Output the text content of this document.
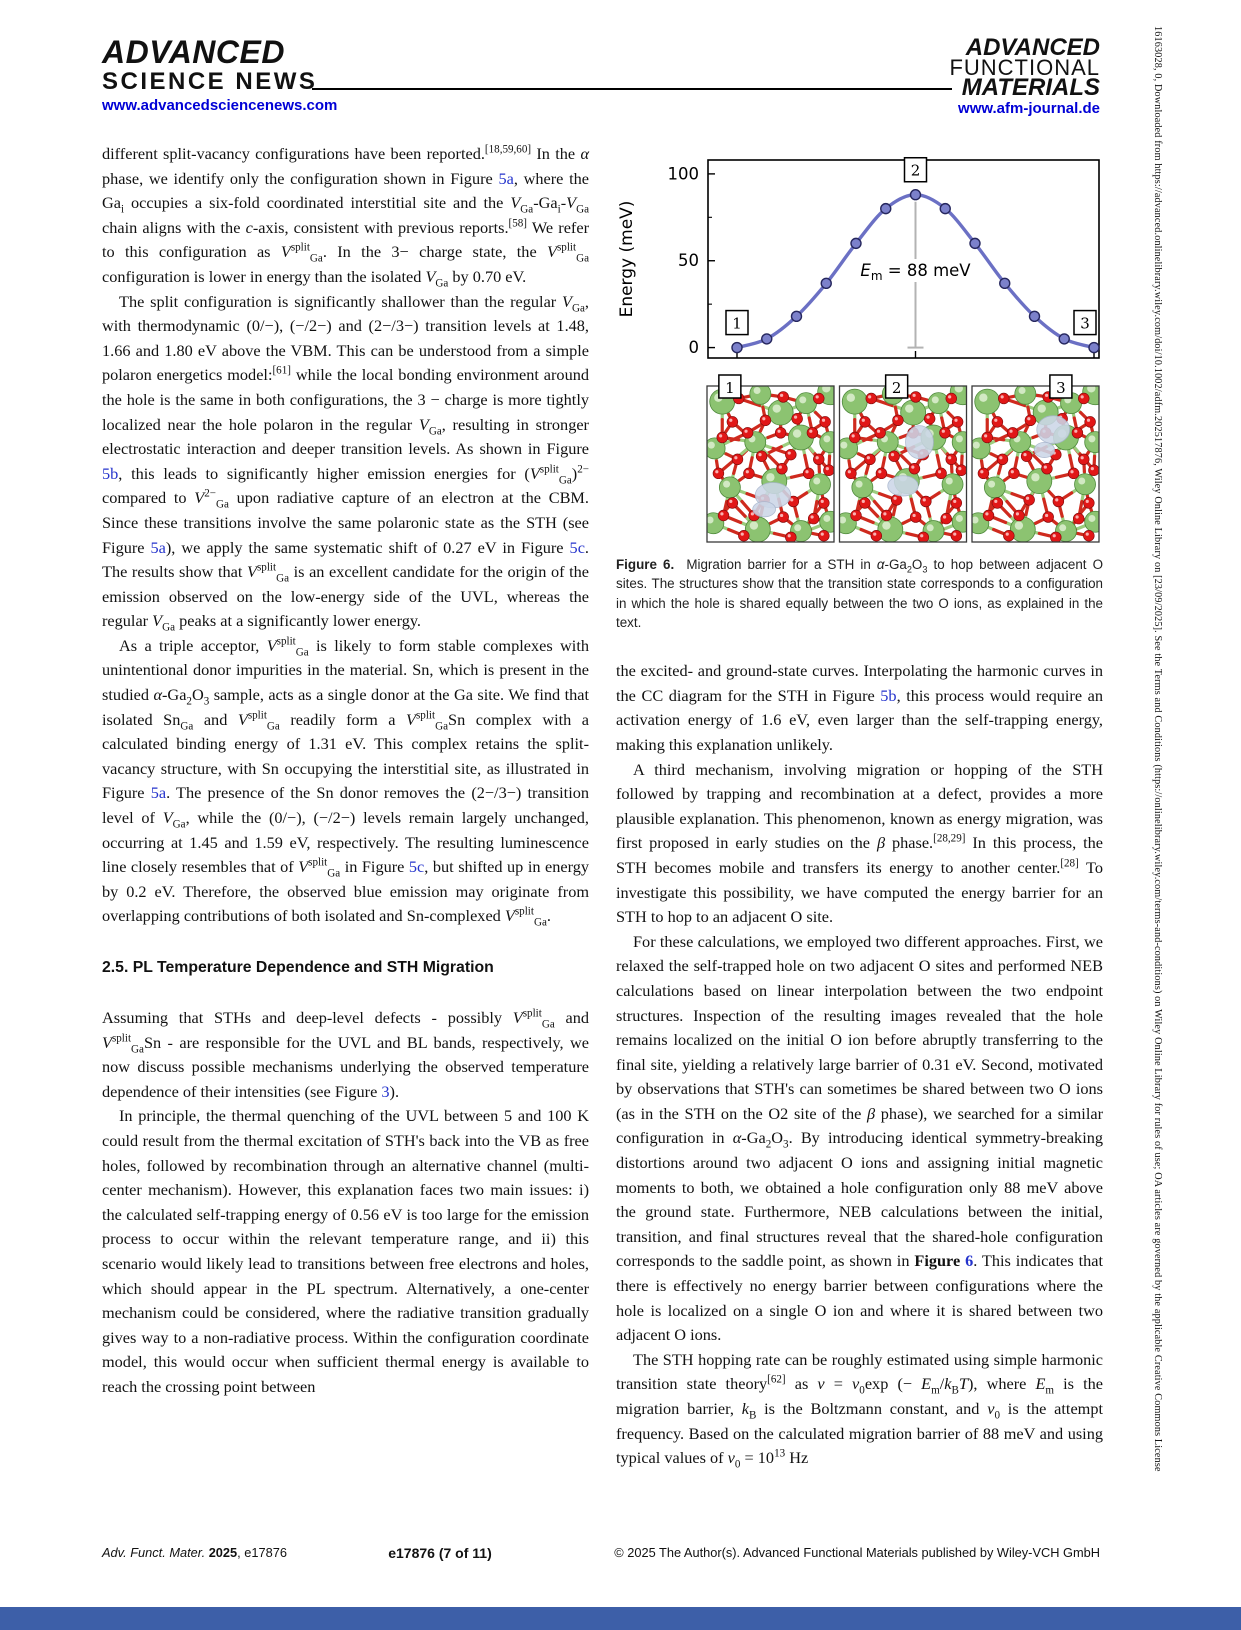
ADVANCED
SCIENCE NEWS
www.advancedsciencenews.com
ADVANCED
FUNCTIONAL
MATERIALS
www.afm-journal.de

different split-vacancy configurations have been reported.[18,59,60] In the α phase, we identify only the configuration shown in Figure 5a, where the $Ga_i$ occupies a six-fold coordinated interstitial site and the $V_{Ga}-Ga_i-V_{Ga}$ chain aligns with the c-axis, consistent with previous reports.[58] We refer to this configuration as $V^{split}_{Ga}$. In the 3− charge state, the $V^{split}_{Ga}$ configuration is lower in energy than the isolated $V_{Ga}$ by 0.70 eV.

The split configuration is significantly shallower than the regular $V_{Ga}$, with thermodynamic (0/−), (−/2−) and (2−/3−) transition levels at 1.48, 1.66 and 1.80 eV above the VBM. This can be understood from a simple polaron energetics model:[61] while the local bonding environment around the hole is the same in both configurations, the 3 − charge is more tightly localized near the hole polaron in the regular $V_{Ga}$, resulting in stronger electrostatic interaction and deeper transition levels. As shown in Figure 5b, this leads to significantly higher emission energies for $(V^{split}_{Ga})^{2-}$ compared to $V^{2-}_{Ga}$ upon radiative capture of an electron at the CBM. Since these transitions involve the same polaronic state as the STH (see Figure 5a), we apply the same systematic shift of 0.27 eV in Figure 5c. The results show that $V^{split}_{Ga}$ is an excellent candidate for the origin of the emission observed on the low-energy side of the UVL, whereas the regular $V_{Ga}$ peaks at a significantly lower energy.

As a triple acceptor, $V^{split}_{Ga}$ is likely to form stable complexes with unintentional donor impurities in the material. Sn, which is present in the studied $\alpha-Ga_2O_3$ sample, acts as a single donor at the Ga site. We find that isolated $Sn_{Ga}$ and $V^{split}_{Ga}$ readily form a $V^{split}_{Ga}Sn$ complex with a calculated binding energy of 1.31 eV. This complex retains the split-vacancy structure, with Sn occupying the interstitial site, as illustrated in Figure 5a. The presence of the Sn donor removes the (2−/3−) transition level of $V_{Ga}$, while the (0/−), (−/2−) levels remain largely unchanged, occurring at 1.45 and 1.59 eV, respectively. The resulting luminescence line closely resembles that of $V^{split}_{Ga}$ in Figure 5c, but shifted up in energy by 0.2 eV. Therefore, the observed blue emission may originate from overlapping contributions of both isolated and Sn-complexed $V^{split}_{Ga}$.

2.5. PL Temperature Dependence and STH Migration

Assuming that STHs and deep-level defects - possibly $V^{split}_{Ga}$ and $V^{split}_{Ga}Sn$ - are responsible for the UVL and BL bands, respectively, we now discuss possible mechanisms underlying the observed temperature dependence of their intensities (see Figure 3).

In principle, the thermal quenching of the UVL between 5 and 100 K could result from the thermal excitation of STH's back into the VB as free holes, followed by recombination through an alternative channel (multi-center mechanism). However, this explanation faces two main issues: i) the calculated self-trapping energy of 0.56 eV is too large for the emission process to occur within the relevant temperature range, and ii) this scenario would likely lead to transitions between free electrons and holes, which should appear in the PL spectrum. Alternatively, a one-center mechanism could be considered, where the radiative transition gradually gives way to a non-radiative process. Within the configuration coordinate model, this would occur when sufficient thermal energy is available to reach the crossing point between

Energy (meV)
0
50
100
$E_m = 88$ meV
1
2
3
1	2	3
Figure 6.  Migration barrier for a STH in $\alpha-Ga_2O_3$ to hop between adjacent O sites. The structures show that the transition state corresponds to a configuration in which the hole is shared equally between the two O ions, as explained in the text.

the excited- and ground-state curves. Interpolating the harmonic curves in the CC diagram for the STH in Figure 5b, this process would require an activation energy of 1.6 eV, even larger than the self-trapping energy, making this explanation unlikely.

A third mechanism, involving migration or hopping of the STH followed by trapping and recombination at a defect, provides a more plausible explanation. This phenomenon, known as energy migration, was first proposed in early studies on the β phase.[28,29] In this process, the STH becomes mobile and transfers its energy to another center.[28] To investigate this possibility, we have computed the energy barrier for an STH to hop to an adjacent O site.

For these calculations, we employed two different approaches. First, we relaxed the self-trapped hole on two adjacent O sites and performed NEB calculations based on linear interpolation between the two endpoint structures. Inspection of the resulting images revealed that the hole remains localized on the initial O ion before abruptly transferring to the final site, yielding a relatively large barrier of 0.31 eV. Second, motivated by observations that STH's can sometimes be shared between two O ions (as in the STH on the O2 site of the β phase), we searched for a similar configuration in $\alpha-Ga_2O_3$. By introducing identical symmetry-breaking distortions around two adjacent O ions and assigning initial magnetic moments to both, we obtained a hole configuration only 88 meV above the ground state. Furthermore, NEB calculations between the initial, transition, and final structures reveal that the shared-hole configuration corresponds to the saddle point, as shown in Figure 6. This indicates that there is effectively no energy barrier between configurations where the hole is localized on a single O ion and where it is shared between two adjacent O ions.

The STH hopping rate can be roughly estimated using simple harmonic transition state theory[62] as $\nu = \nu_0\exp$ (− $E_m/k_BT$), where $E_m$ is the migration barrier, $k_B$ is the Boltzmann constant, and $\nu_0$ is the attempt frequency. Based on the calculated migration barrier of 88 meV and using typical values of $\nu_0 = 10^{13}$ Hz

Adv. Funct. Mater. 2025, e17876	e17876 (7 of 11)	© 2025 The Author(s). Advanced Functional Materials published by Wiley-VCH GmbH
16163028, 0, Downloaded from https://advanced.onlinelibrary.wiley.com/doi/10.1002/adfm.202517876, Wiley Online Library on [23/09/2025]. See the Terms and Conditions (https://onlinelibrary.wiley.com/terms-and-conditions) on Wiley Online Library for rules of use; OA articles are governed by the applicable Creative Commons License
